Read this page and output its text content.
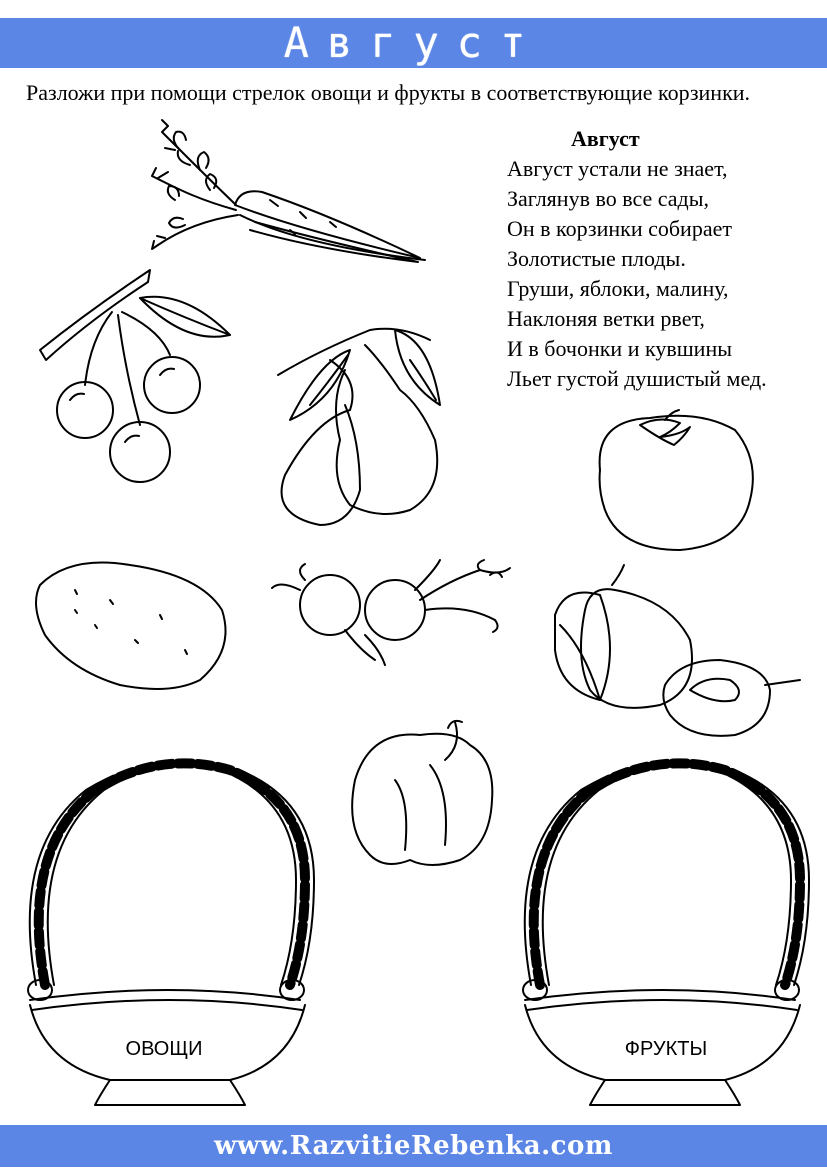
Август
Разложи при помощи стрелок овощи и фрукты в соответствующие корзинки.
Август
Август устали не знает,
Заглянув во все сады,
Он в корзинки собирает
Золотистые плоды.
Груши, яблоки, малину,
Наклоняя ветки рвет,
И в бочонки и кувшины
Льет густой душистый мед.
ОВОЩИ	ФРУКТЫ
www.RazvitieRebenka.com
